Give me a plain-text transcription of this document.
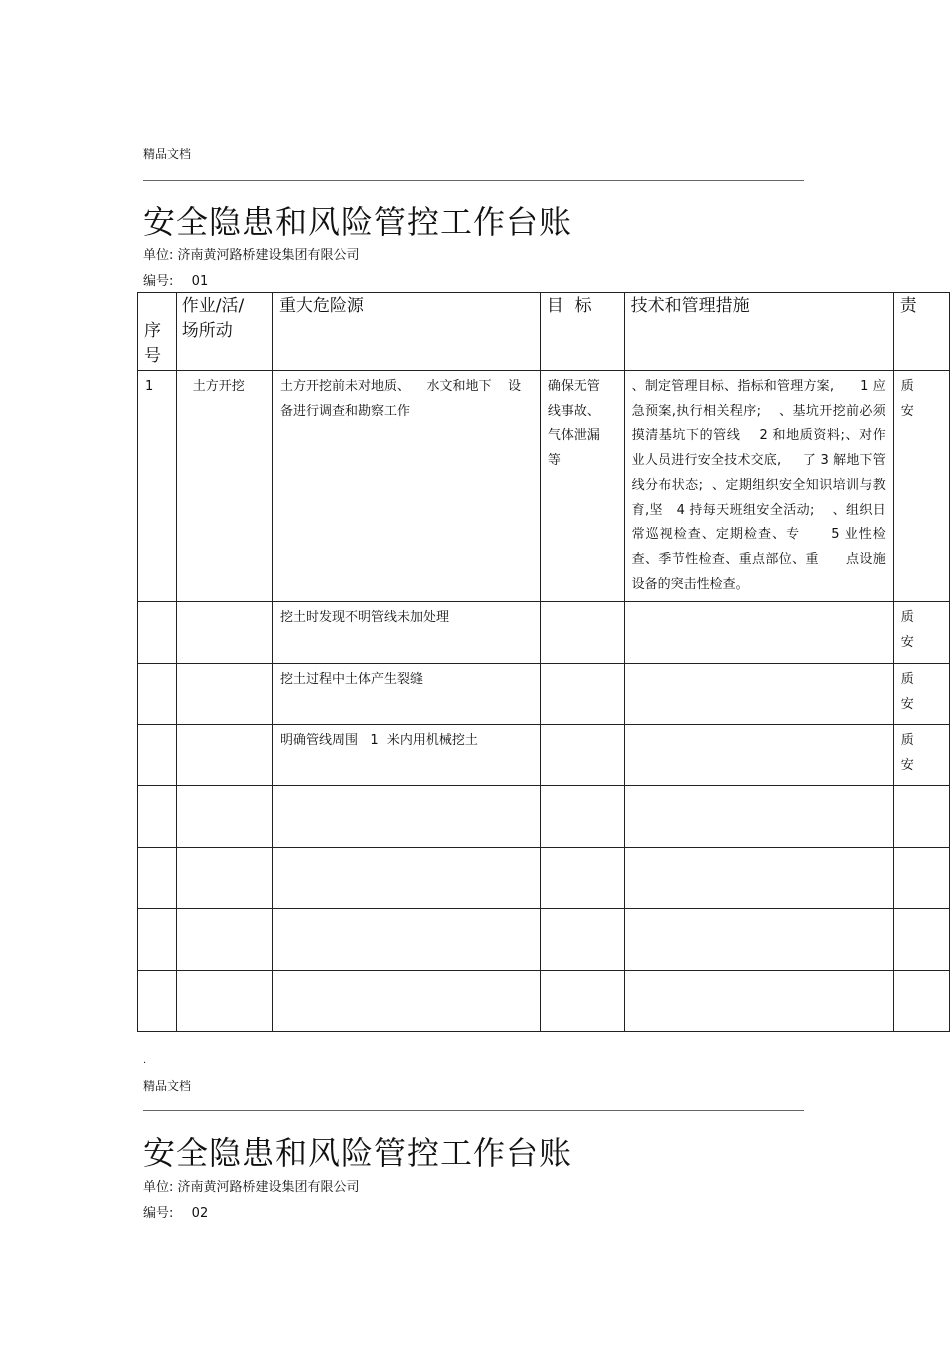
精品文档
安全隐患和风险管控工作台账
单位: 济南黄河路桥建设集团有限公司
编号: 01
序号	作业/活/场所动	重大危险源	目  标	技术和管理措施	责
1	土方开挖	土方开挖前未对地质、    水文和地下    设备进行调查和勘察工作	确保无管线事故、气体泄漏等	、制定管理目标、指标和管理方案,      1 应急预案,执行相关程序;    、基坑开挖前必须摸清基坑下的管线    2 和地质资料;、对作业人员进行安全技术交底,     了 3 解地下管线分布状态;  、定期组织安全知识培训与教育,坚   4 持每天班组安全活动;    、组织日常巡视检查、定期检查、专      5 业性检查、季节性检查、重点部位、重      点设施设备的突击性检查。	质
安
		挖土时发现不明管线未加处理			质
安
		挖土过程中土体产生裂缝			质
安
		明确管线周围   1  米内用机械挖土			质
安

.
精品文档
安全隐患和风险管控工作台账
单位: 济南黄河路桥建设集团有限公司
编号: 02
